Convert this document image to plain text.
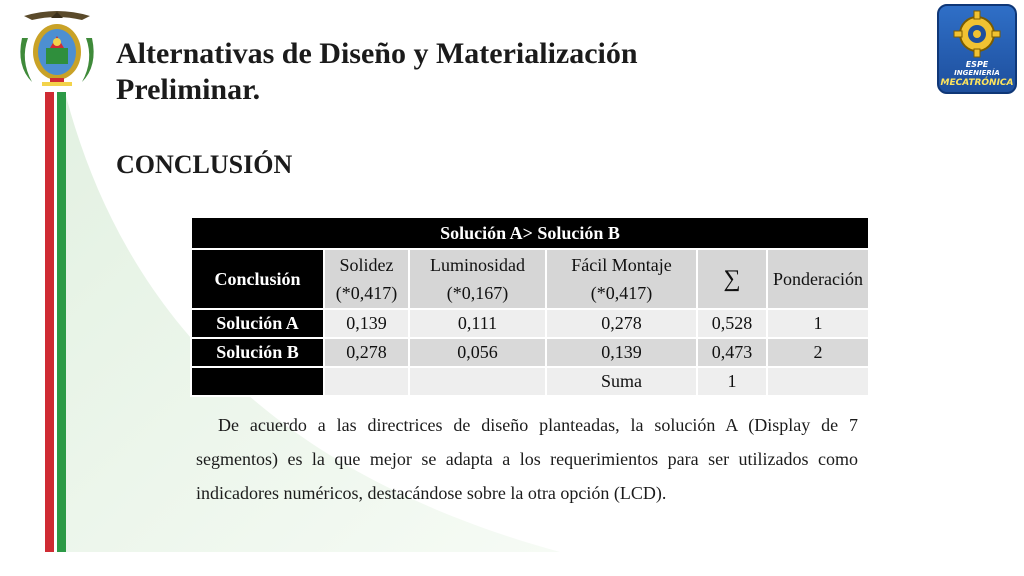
ESPE
INGENIERÍA
MECATRÓNICA
Alternativas de Diseño y Materialización Preliminar.
CONCLUSIÓN
Solución A> Solución B					
Conclusión	Solidez (*0,417)	Luminosidad (*0,167)	Fácil Montaje (*0,417)	∑	Ponderación
Solución A	0,139	0,111	0,278	0,528	1
Solución B	0,278	0,056	0,139	0,473	2
			Suma	1	

De acuerdo a las directrices de diseño planteadas, la solución A (Display de 7 segmentos) es la que mejor se adapta a los requerimientos para ser utilizados como indicadores numéricos, destacándose sobre la otra opción (LCD).
